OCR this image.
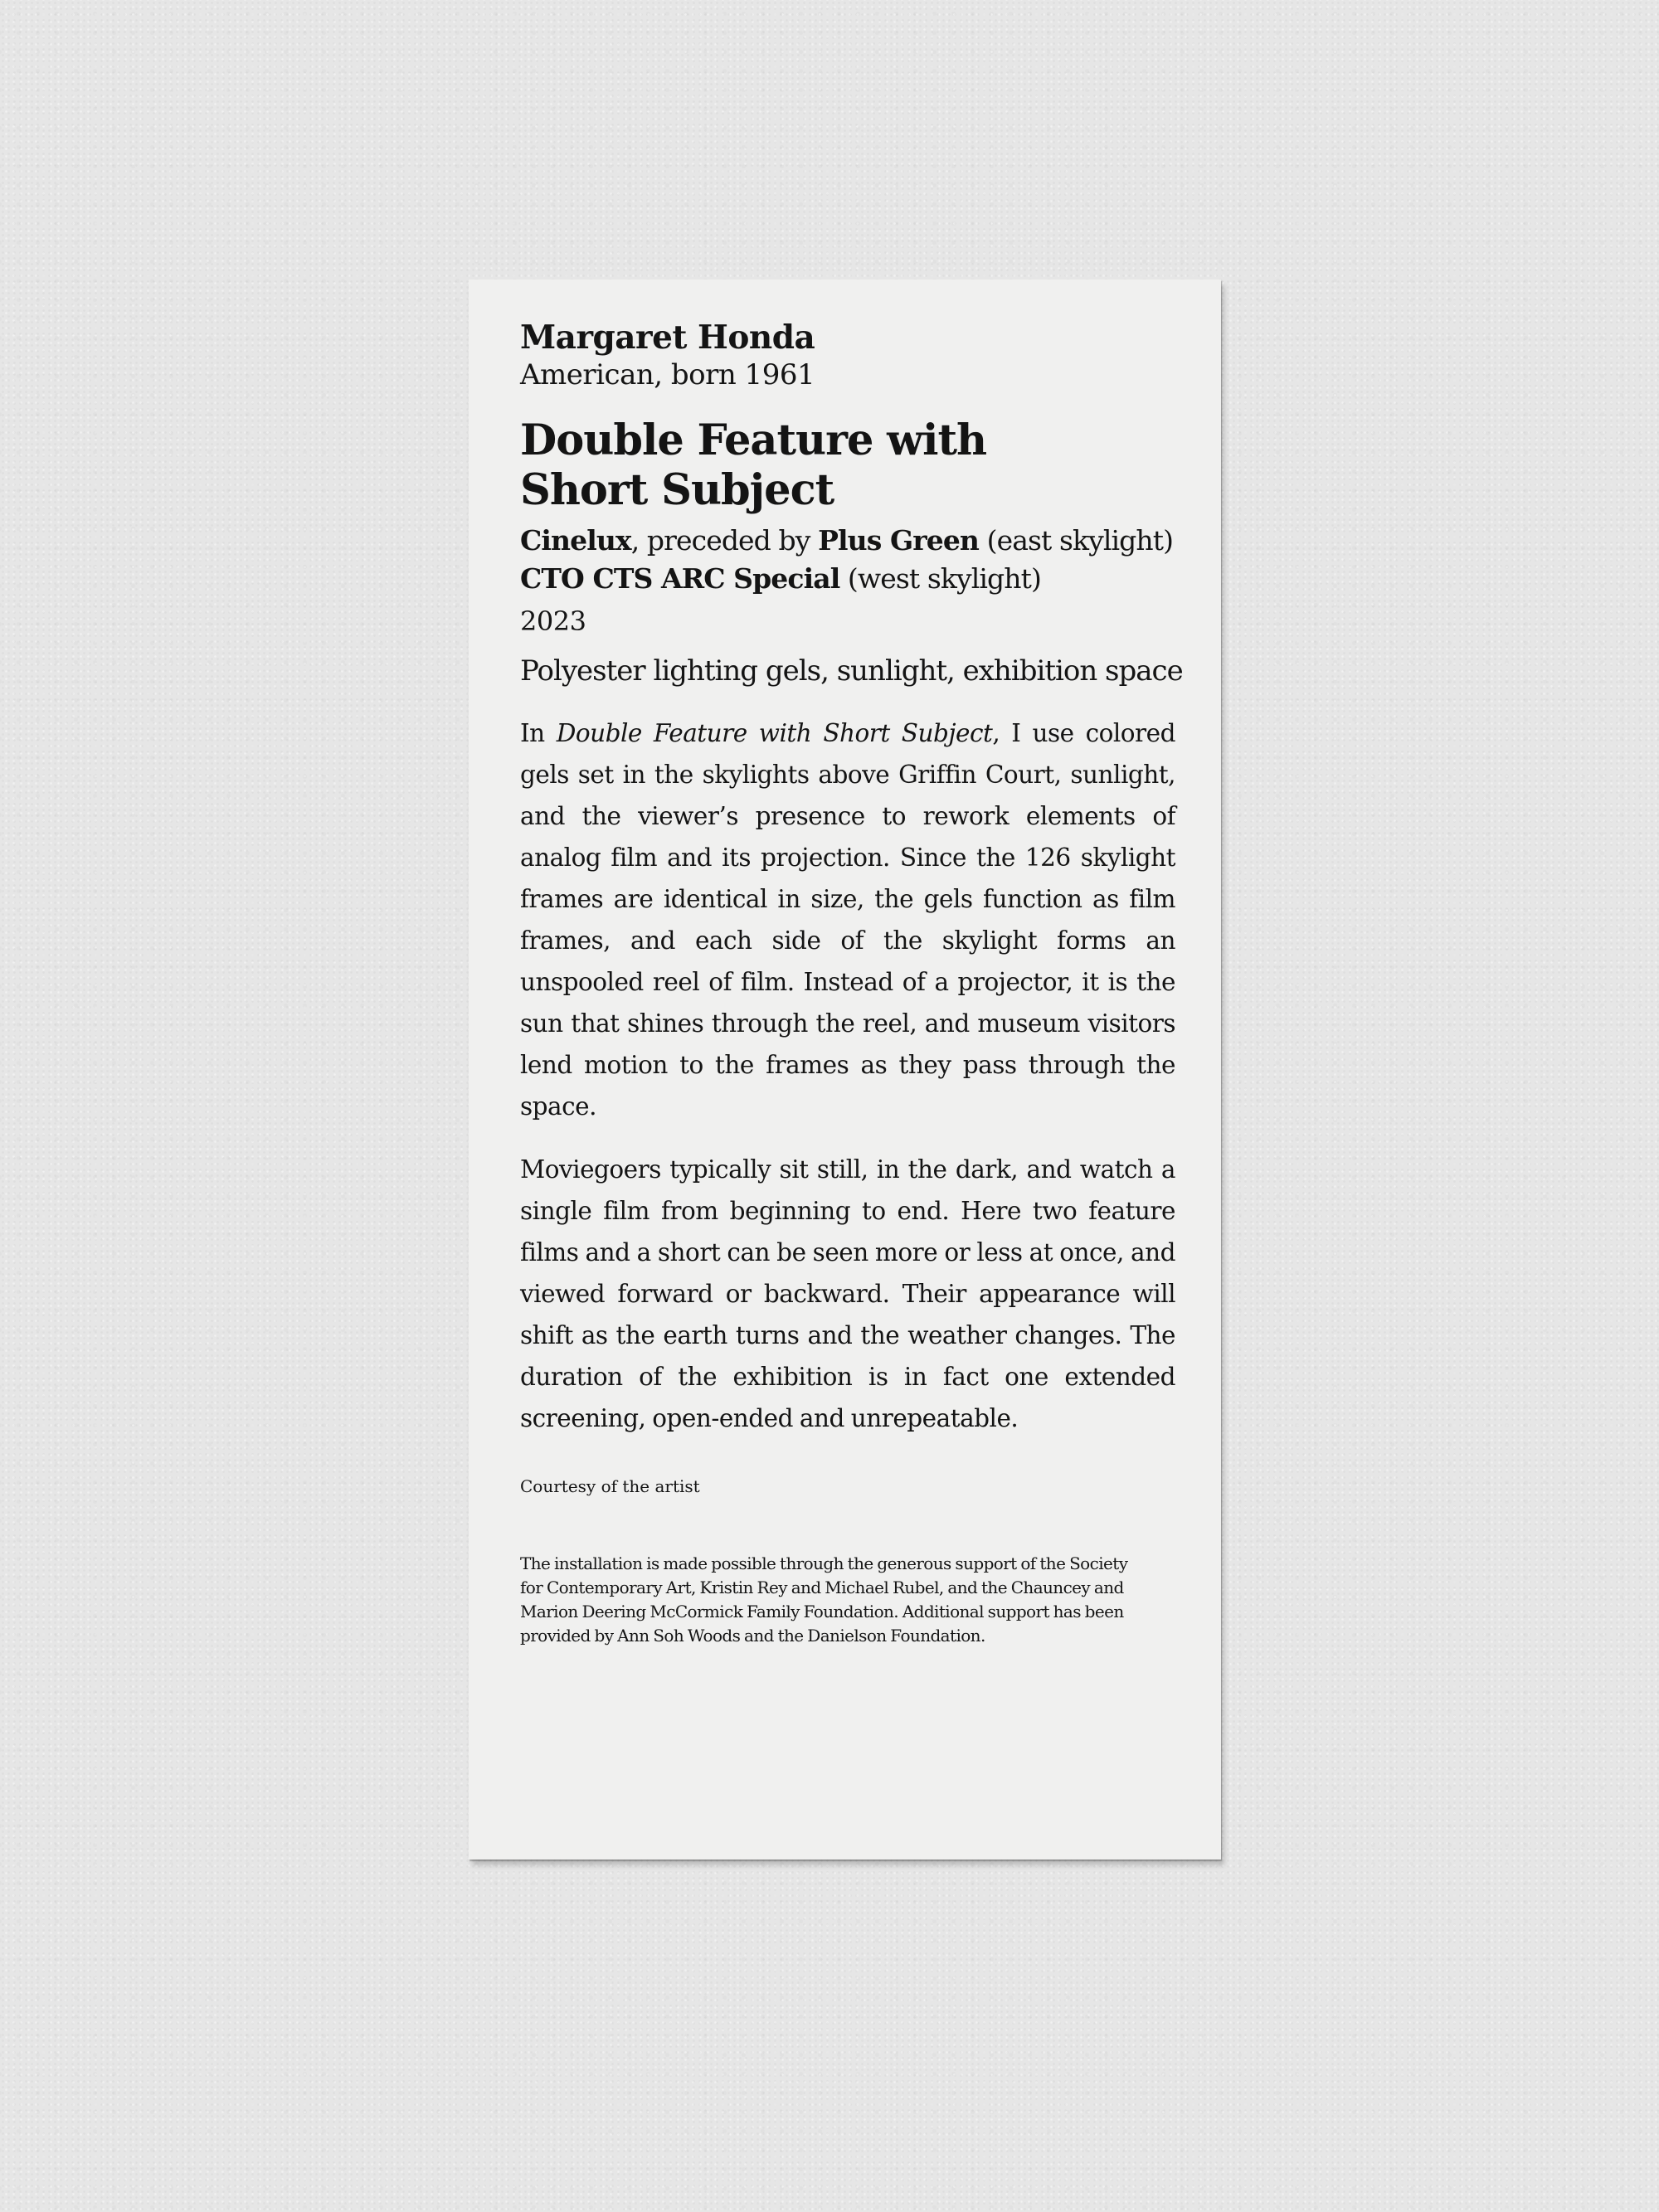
Margaret Honda
American, born 1961
Double Feature with
Short Subject
Cinelux, preceded by Plus Green (east skylight)
CTO CTS ARC Special (west skylight)
2023
Polyester lighting gels, sunlight, exhibition space

In Double Feature with Short Subject, I use colored gels set in the skylights above Griffin Court, sunlight, and the viewer’s presence to rework elements of analog film and its projection. Since the 126 skylight frames are identical in size, the gels function as film frames, and each side of the skylight forms an unspooled reel of film. Instead of a projector, it is the sun that shines through the reel, and museum visitors lend motion to the frames as they pass through the space.

Moviegoers typically sit still, in the dark, and watch a single film from beginning to end. Here two feature films and a short can be seen more or less at once, and viewed forward or backward. Their appearance will shift as the earth turns and the weather changes. The duration of the exhibition is in fact one extended screening, open-ended and unrepeatable.

Courtesy of the artist
The installation is made possible through the generous support of the Society
for Contemporary Art, Kristin Rey and Michael Rubel, and the Chauncey and
Marion Deering McCormick Family Foundation. Additional support has been
provided by Ann Soh Woods and the Danielson Foundation.
